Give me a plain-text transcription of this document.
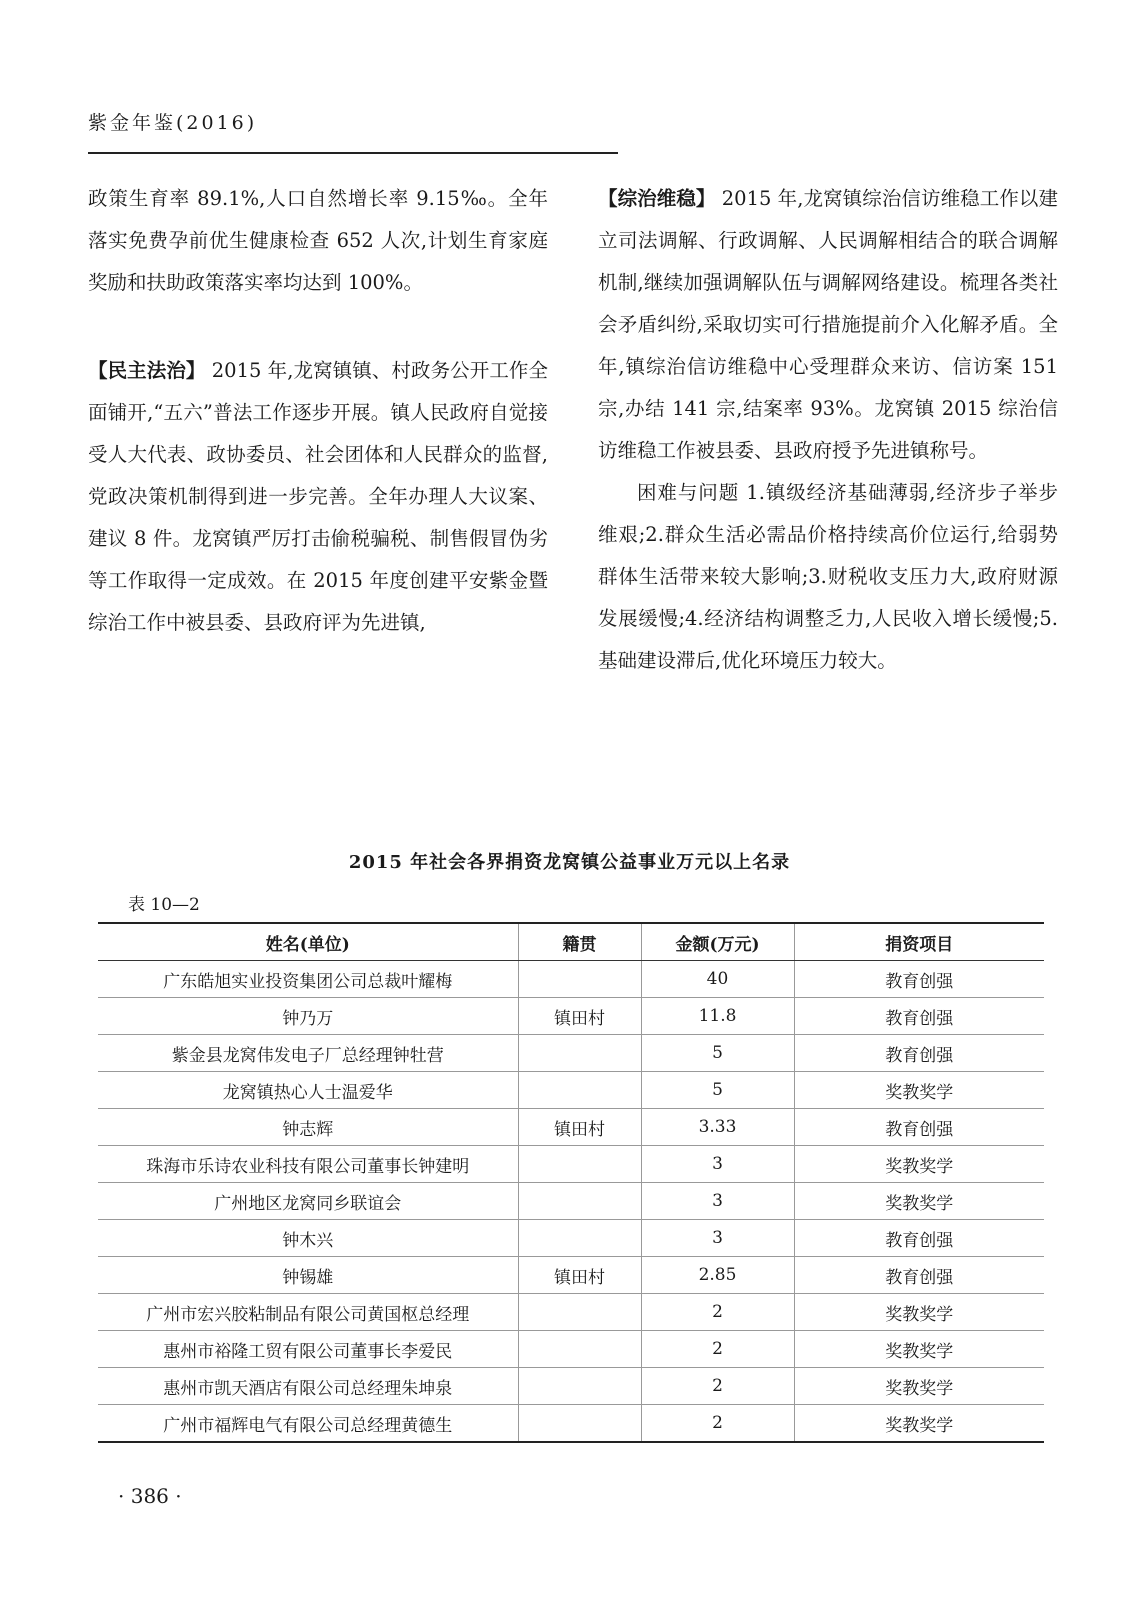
紫金年鉴(2016)

政策生育率 89.1%,人口自然增长率 9.15‰。全年落实免费孕前优生健康检查 652 人次,计划生育家庭奖励和扶助政策落实率均达到 100%。

【民主法治】 2015 年,龙窝镇镇、村政务公开工作全面铺开,“五六”普法工作逐步开展。镇人民政府自觉接受人大代表、政协委员、社会团体和人民群众的监督,党政决策机制得到进一步完善。全年办理人大议案、建议 8 件。龙窝镇严厉打击偷税骗税、制售假冒伪劣等工作取得一定成效。在 2015 年度创建平安紫金暨综治工作中被县委、县政府评为先进镇,

【综治维稳】 2015 年,龙窝镇综治信访维稳工作以建立司法调解、行政调解、人民调解相结合的联合调解机制,继续加强调解队伍与调解网络建设。梳理各类社会矛盾纠纷,采取切实可行措施提前介入化解矛盾。全年,镇综治信访维稳中心受理群众来访、信访案 151 宗,办结 141 宗,结案率 93%。龙窝镇 2015 综治信访维稳工作被县委、县政府授予先进镇称号。

困难与问题 1.镇级经济基础薄弱,经济步子举步维艰;2.群众生活必需品价格持续高价位运行,给弱势群体生活带来较大影响;3.财税收支压力大,政府财源发展缓慢;4.经济结构调整乏力,人民收入增长缓慢;5.基础建设滞后,优化环境压力较大。

2015 年社会各界捐资龙窝镇公益事业万元以上名录
表 10—2
姓名(单位)	籍贯	金额(万元)	捐资项目
广东皓旭实业投资集团公司总裁叶耀梅		40	教育创强
钟乃万	镇田村	11.8	教育创强
紫金县龙窝伟发电子厂总经理钟牡营		5	教育创强
龙窝镇热心人士温爱华		5	奖教奖学
钟志辉	镇田村	3.33	教育创强
珠海市乐诗农业科技有限公司董事长钟建明		3	奖教奖学
广州地区龙窝同乡联谊会		3	奖教奖学
钟木兴		3	教育创强
钟锡雄	镇田村	2.85	教育创强
广州市宏兴胶粘制品有限公司黄国枢总经理		2	奖教奖学
惠州市裕隆工贸有限公司董事长李爱民		2	奖教奖学
惠州市凯天酒店有限公司总经理朱坤泉		2	奖教奖学
广州市福辉电气有限公司总经理黄德生		2	奖教奖学
· 386 ·
